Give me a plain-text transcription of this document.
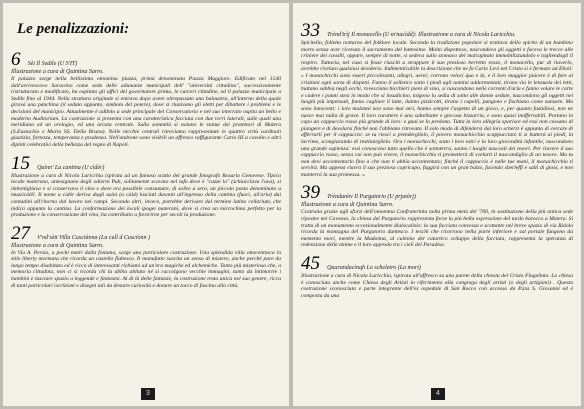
Le penalizzazioni:
6 Sèi Il Sedile (U S'IT)
Illustrazione a cura di Quintina Sarro.

Il palazzo sorge nella bellissima omonima piazza, primà denominata Piazza Maggiore. Edificato nel 1540 dall'arcivescovo Saraceno come sede delle adunanze municipali dell' "università cittadina", successivamente ristrutturato e modificato, ha ospitato gli uffici del governatore prima, le carceri cittadine, ed il palazzo municipale a Sedile fino al 1944. Nella struttura originale si entrava dopo avere oltrepassato uno balaustra, all'interno della quale giravá una panchina (il seduto appunto, simbolo del potere), dove si riunivano gli eletti per dibattere i problemi e le decisioni del municipio. Attualmente è adibito a sede principale del Conservatorio e nel suo interrato ospita un bello e moderno Auditorium. La costruzione si presenta con una caratteristica facciata con due torri laterali, sulle quali una meridiana ed un orologio, ed una arcata centrale. Sulla sommità si notano le statue dei protettori di Matera (S.Eustachio e Maria SS. Della Bruna). Nelle nicchie centrali ritroviamo rappresentate le quattro virtù cardinali giustizia, fortezza, temperanza e prudenza. Nell'androne sono visibili un affresco raffigurante Carlo III a cavallo e altri dipinti celebrativi della bellezza del regno di Napoli.

15 Quìnn' La cantina (U cìdèr)

Illustrazione a cura di Nicola Laricchia ispirata ad un famoso scatto del grande fotografo Rosario Genovese. Tipico locale materano, antesignano degli odierni Pub, solitamente scavato nel tufo dove è "cazze lo" (schiacciava l'uva), si imbottigliava e si conservava il vino e dove era possibile consumare, di solito a sera, un piccolo pasto denominato u muzzicàlël. Il nome u cìdèr deriva dagli usini (u càld) lasciati davanti all'ingresso della cantina (fuori, all'aria) dai contadini all'ritorno dal lavoro nei campi. Secondo altri, invece, potrebbe derivare dal termine latino cellarium, che indica appunto la cantina. La conformazione dei locali ipogei materani, dove si crea un microclima perfetto per la produzione e la conservazione del vino, ha contribuito a favorirne per secoli la produzione.

27 V'nd'sètt Villa Cusciànna (La cull d Cusciònn )
Illustrazione a cura di Quintina Sarro.

In Via A. Persio, a pochi metri dalla fontana, sorge una particolare costruzione. Una splendida villa ottocentesca in stile liberty mormata che ricorda un castello fiabesco. Il manufatto suscita un senso di mistero, anche perché pare da lungo tempo disabitato ed è ricco di interessanti richiami ad un'era magiche ed alchemiche. Tanto più misterioso che, a memoria cittadina, non ci si ricorda chi la abbia abitato né si raccolgono vecchie immagini, tanto da intimorire i bambini e lasciare spazio a leggende e fantasmi. Al di là delle fantasie, la costruzione resta unica nel suo genere, ricca di tanti particolari iscrizioni e disegni tali da destare curiosità e donare un tocco di fascino alla città.

3
33 Trènd'trìj Il monacello (U m'nacìdd): Illustrazione a cura di Nicola Laricchia.

Spiritello, folletto notturno del folklore locale. Secondo la tradizione popolare si trattava dello spirito di un bambino morto senza aver ricevuto il sacramento del battesimo. Molto dispettoso, nascondeva gli oggetti e faceva le trecce alle criniere dei cavalli, oppure, sempre di notte, si sedeva sullo stomaco del malcapitato immobilizzandolo e togliendogli il respiro. Tuttavia, nel caso si fosse riusciti a strappare il suo prezioso berretto rosso, il monacello, pur di riaverlo, avrebbe rivelato qualsiasi desiderio. Indimenticabile la descrizione che ne fa Carlo Levi nel Cristo si è fermato ad Eboli: « I monachicchi sono esseri piccolissimi, allegri, aerei; corrono veloci qua e là, e il loro maggior piacere è di fare ai cristiani ogni sorta di dispetti. Fanno il solletico sotto i piedi agli uomini addormentati, tirano via le lenzuola dei letti, buttano sabbia negli occhi, rovesciano bicchieri pieni di vino, si nascondono nelle correnti d'aria e fanno volare le carte e cadere i panni stesi in modo che si insudicino, tolgono la sedia di sotto alle donne sedute, nascondono gli oggetti nei luoghi più impensati, fanno cagliare il latte, danno pizzicotti, tirano i capelli, pungono e fischiano come zanzare. Ma sono innocenti: i loro malanni non sono mai seri, hanno sempre l'aspetto di un gioco, e, per quanto fastidiosi, non ne nasce mai nulla di grave. Il loro carattere è una saltellante e giocosa bizzarria, e sono quasi inafferrabili. Portano in capo un cappuccio rosso più grande di loro: e guai se lo perdono. Tutta la loro allegria sparisce ed essi non cessano di piangere e di desolarsi finché non l'abbiano ritrovato. Il solo modo di difendersi dai loro scherzi è appunto di cercare di afferrarli per il cappuccio: se tu riesci a prenderglielo, il povero monachicchio scappucciato ti si butterà ai piedi, in lacrime, scongiurando di restituirglielo. Ora i monachicchi, sotto i loro estri e la loro giocondità infantile, nascondono una grande sapienza: essi conoscono tutto quello che è sottoterra, sanno i luoghi nascosti dei tesori. Per riavere il suo cappuccio rosso, senza cui non può vivere, il monachicchio ti prometterà di svelarti il nascondiglio di un tesoro. Ma tu non devi accontentarlo fino a che non ti abbia accontentato; finché il cappuccio è nelle tue mani, il monachicchio ti servirà. Ma appena riavrà il suo prezioso copricapo, fuggirà con un gran balzo, facendo sberleffi e salti di gioia, e non manterrà la sua promessa. »

39 Trèndanòv Il Purgatorio (U prjatòrj)
Illustrazione a cura di Quintina Sarro.

Costruita grazie agli sforzi dell'omonima Confraternita nella prima metà del '700, in sostituzione della più antica sede ripostee nei Caveoso, la chiesa del Purgatorio rappresenta forse la più bella espressione del tardo barocco a Matera. Si tratta di un monumento eccezionalmente dialocalizio: la sua facciata convessa e scottante nel breve spazio di via Ridola ricorda la montagna del Purgatorio dantesco. I teschi che ricorrono nella parte inferiore e sul portale fungono da memento mori, mentre la Madonna, al culmine del catartico sviluppo della facciata, rappresenta la speranza di redenzione delle anime e il loro approdo tra i cieli del Paradiso.

45 Quarandacìnqh Lo scheletro (La mort)

Illustrazione a cura di Nicola Laricchia, ispirata all'affresco su una parete della chiesta del Cristo Flagellato. La chiesa è conosciuta anche come Chiesa degli Artisti in riferimento alla congrega degli artisti (o degli artigiani) . Questa costruzione sconosciuta e parte integrante dell'ex ospedale di San Rocco con accesso da P.zza S. Giovanni ed è composta da una

4
